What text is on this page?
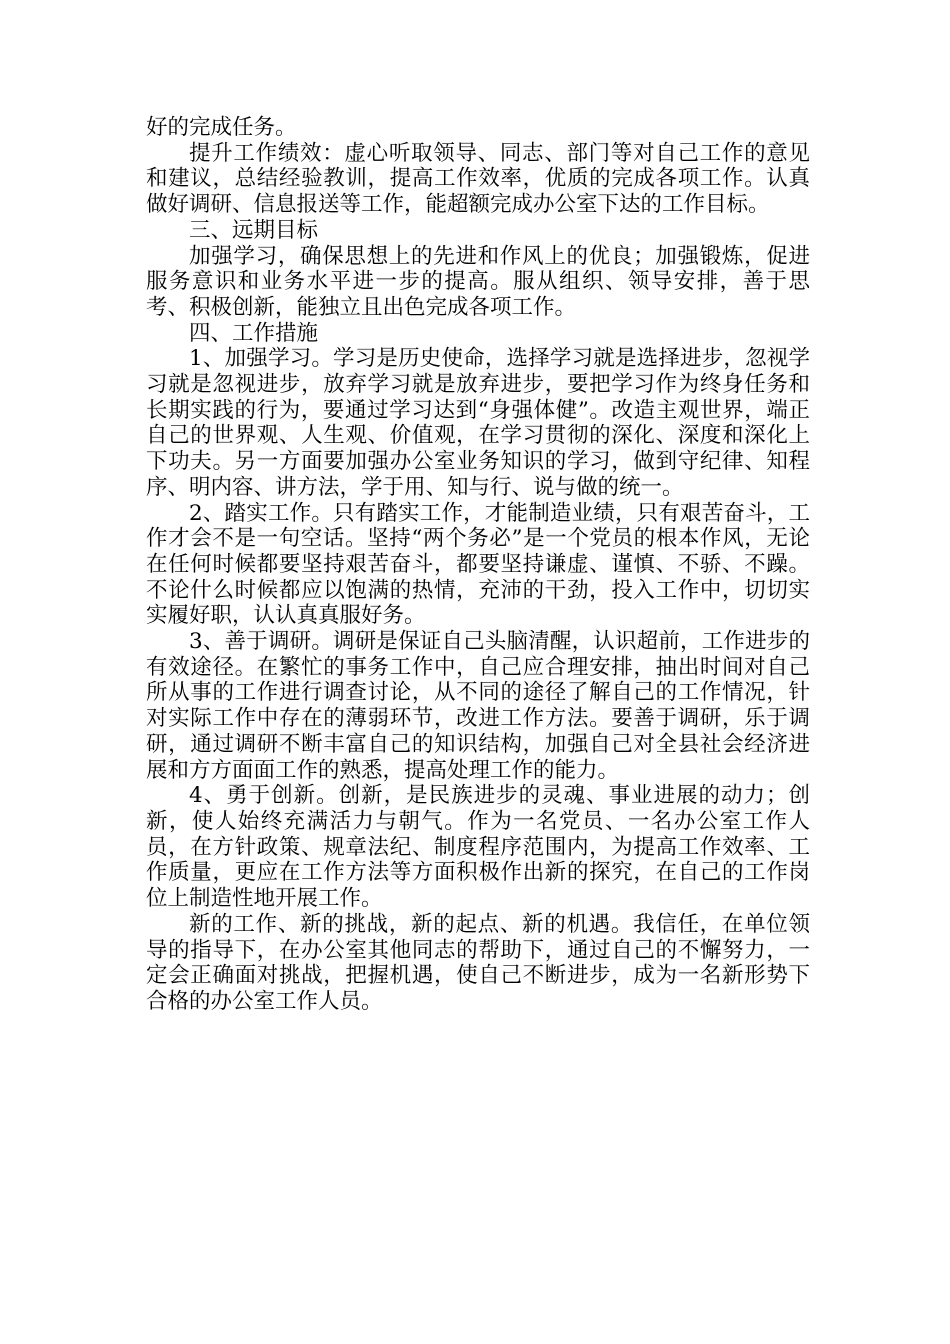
好的完成任务。

提升工作绩效：虚心听取领导、同志、部门等对自己工作的意见和建议，总结经验教训，提高工作效率，优质的完成各项工作。认真做好调研、信息报送等工作，能超额完成办公室下达的工作目标。

三、远期目标

加强学习，确保思想上的先进和作风上的优良；加强锻炼，促进服务意识和业务水平进一步的提高。服从组织、领导安排，善于思考、积极创新，能独立且出色完成各项工作。

四、工作措施

1、加强学习。学习是历史使命，选择学习就是选择进步，忽视学习就是忽视进步，放弃学习就是放弃进步，要把学习作为终身任务和长期实践的行为，要通过学习达到“身强体健”。改造主观世界，端正自己的世界观、人生观、价值观，在学习贯彻的深化、深度和深化上下功夫。另一方面要加强办公室业务知识的学习，做到守纪律、知程序、明内容、讲方法，学于用、知与行、说与做的统一。

2、踏实工作。只有踏实工作，才能制造业绩，只有艰苦奋斗，工作才会不是一句空话。坚持“两个务必”是一个党员的根本作风，无论在任何时候都要坚持艰苦奋斗，都要坚持谦虚、谨慎、不骄、不躁。不论什么时候都应以饱满的热情，充沛的干劲，投入工作中，切切实实履好职，认认真真服好务。

3、善于调研。调研是保证自己头脑清醒，认识超前，工作进步的有效途径。在繁忙的事务工作中，自己应合理安排，抽出时间对自己所从事的工作进行调查讨论，从不同的途径了解自己的工作情况，针对实际工作中存在的薄弱环节，改进工作方法。要善于调研，乐于调研，通过调研不断丰富自己的知识结构，加强自己对全县社会经济进展和方方面面工作的熟悉，提高处理工作的能力。

4、勇于创新。创新，是民族进步的灵魂、事业进展的动力；创新，使人始终充满活力与朝气。作为一名党员、一名办公室工作人员，在方针政策、规章法纪、制度程序范围内，为提高工作效率、工作质量，更应在工作方法等方面积极作出新的探究，在自己的工作岗位上制造性地开展工作。

新的工作、新的挑战，新的起点、新的机遇。我信任，在单位领导的指导下，在办公室其他同志的帮助下，通过自己的不懈努力，一定会正确面对挑战，把握机遇，使自己不断进步，成为一名新形势下合格的办公室工作人员。
